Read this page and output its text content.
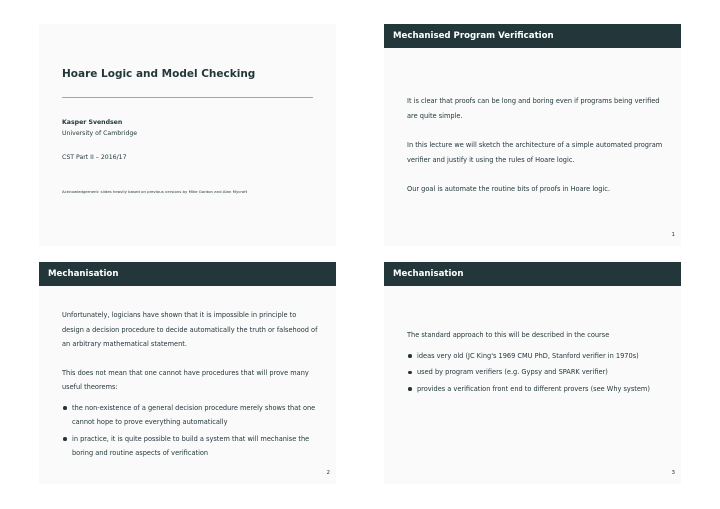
Hoare Logic and Model Checking
Kasper Svendsen
University of Cambridge
CST Part II – 2016/17
Acknowledgement: slides heavily based on previous versions by Mike Gordon and Alan Mycroft
Mechanised Program Verification

It is clear that proofs can be long and boring even if programs being verified are quite simple.

In this lecture we will sketch the architecture of a simple automated program verifier and justify it using the rules of Hoare logic.

Our goal is automate the routine bits of proofs in Hoare logic.

1
Mechanisation

Unfortunately, logicians have shown that it is impossible in principle to design a decision procedure to decide automatically the truth or falsehood of an arbitrary mathematical statement.

This does not mean that one cannot have procedures that will prove many useful theorems:

the non-existence of a general decision procedure merely shows that one cannot hope to prove everything automatically
in practice, it is quite possible to build a system that will mechanise the boring and routine aspects of verification
2
Mechanisation

The standard approach to this will be described in the course

ideas very old (JC King's 1969 CMU PhD, Stanford verifier in 1970s)
used by program verifiers (e.g. Gypsy and SPARK verifier)
provides a verification front end to different provers (see Why system)
3
